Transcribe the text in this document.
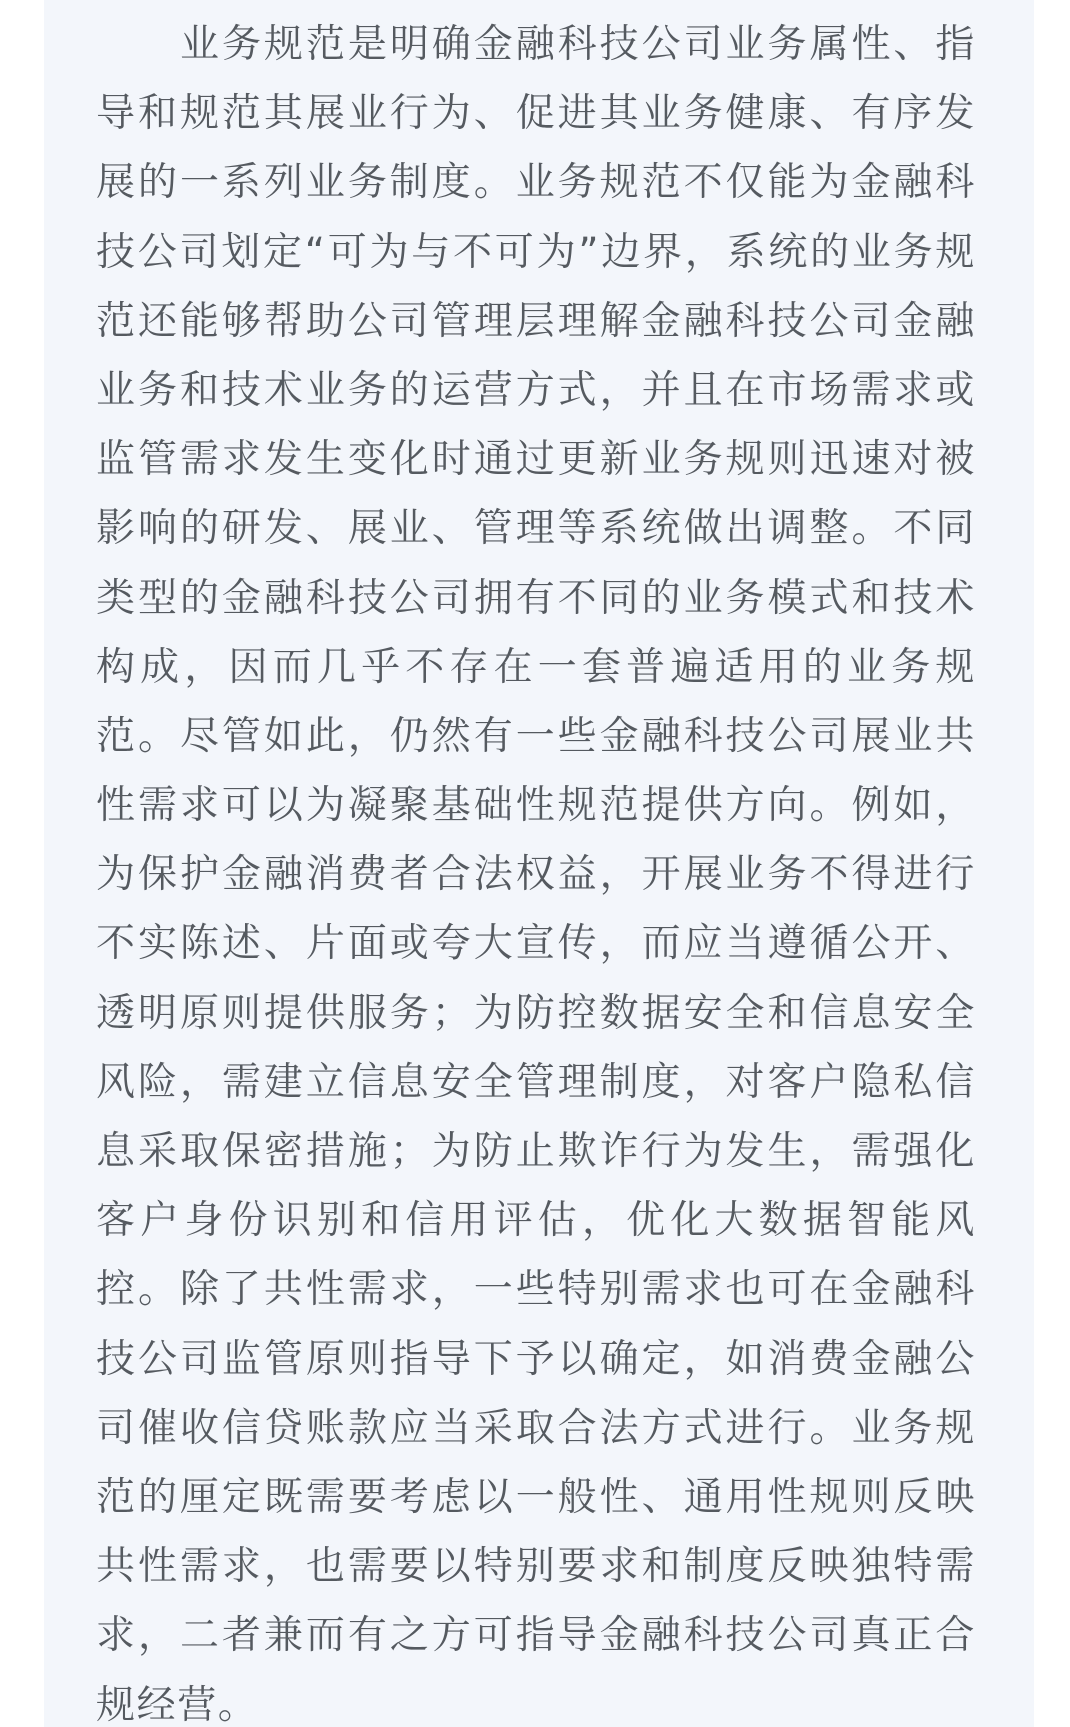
业务规范是明确金融科技公司业务属性、指
导和规范其展业行为、促进其业务健康、有序发
展的一系列业务制度。业务规范不仅能为金融科
技公司划定“可为与不可为”边界，系统的业务规
范还能够帮助公司管理层理解金融科技公司金融
业务和技术业务的运营方式，并且在市场需求或
监管需求发生变化时通过更新业务规则迅速对被
影响的研发、展业、管理等系统做出调整。不同
类型的金融科技公司拥有不同的业务模式和技术
构成，因而几乎不存在一套普遍适用的业务规
范。尽管如此，仍然有一些金融科技公司展业共
性需求可以为凝聚基础性规范提供方向。例如，
为保护金融消费者合法权益，开展业务不得进行
不实陈述、片面或夸大宣传，而应当遵循公开、
透明原则提供服务；为防控数据安全和信息安全
风险，需建立信息安全管理制度，对客户隐私信
息采取保密措施；为防止欺诈行为发生，需强化
客户身份识别和信用评估，优化大数据智能风
控。除了共性需求，一些特别需求也可在金融科
技公司监管原则指导下予以确定，如消费金融公
司催收信贷账款应当采取合法方式进行。业务规
范的厘定既需要考虑以一般性、通用性规则反映
共性需求，也需要以特别要求和制度反映独特需
求，二者兼而有之方可指导金融科技公司真正合
规经营。
